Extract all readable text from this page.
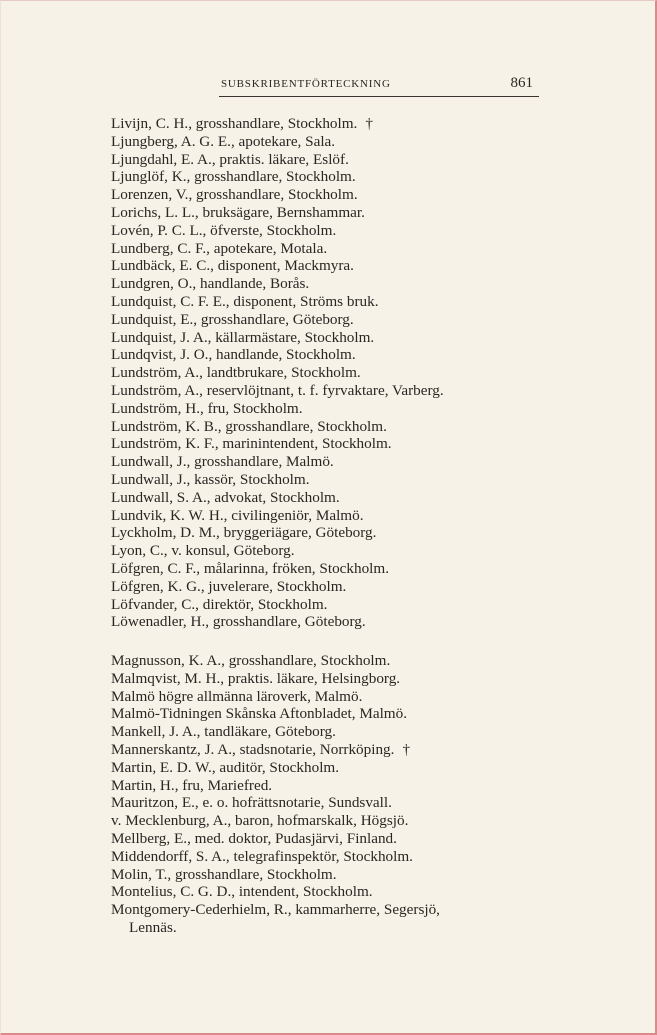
SUBSKRIBENTFÖRTECKNING	861
Livijn, C. H., grosshandlare, Stockholm. †
Ljungberg, A. G. E., apotekare, Sala.
Ljungdahl, E. A., praktis. läkare, Eslöf.
Ljunglöf, K., grosshandlare, Stockholm.
Lorenzen, V., grosshandlare, Stockholm.
Lorichs, L. L., bruksägare, Bernshammar.
Lovén, P. C. L., öfverste, Stockholm.
Lundberg, C. F., apotekare, Motala.
Lundbäck, E. C., disponent, Mackmyra.
Lundgren, O., handlande, Borås.
Lundquist, C. F. E., disponent, Ströms bruk.
Lundquist, E., grosshandlare, Göteborg.
Lundquist, J. A., källarmästare, Stockholm.
Lundqvist, J. O., handlande, Stockholm.
Lundström, A., landtbrukare, Stockholm.
Lundström, A., reservlöjtnant, t. f. fyrvaktare, Varberg.
Lundström, H., fru, Stockholm.
Lundström, K. B., grosshandlare, Stockholm.
Lundström, K. F., marinintendent, Stockholm.
Lundwall, J., grosshandlare, Malmö.
Lundwall, J., kassör, Stockholm.
Lundwall, S. A., advokat, Stockholm.
Lundvik, K. W. H., civilingeniör, Malmö.
Lyckholm, D. M., bryggeriägare, Göteborg.
Lyon, C., v. konsul, Göteborg.
Löfgren, C. F., målarinna, fröken, Stockholm.
Löfgren, K. G., juvelerare, Stockholm.
Löfvander, C., direktör, Stockholm.
Löwenadler, H., grosshandlare, Göteborg.
Magnusson, K. A., grosshandlare, Stockholm.
Malmqvist, M. H., praktis. läkare, Helsingborg.
Malmö högre allmänna läroverk, Malmö.
Malmö-Tidningen Skånska Aftonbladet, Malmö.
Mankell, J. A., tandläkare, Göteborg.
Mannerskantz, J. A., stadsnotarie, Norrköping. †
Martin, E. D. W., auditör, Stockholm.
Martin, H., fru, Mariefred.
Mauritzon, E., e. o. hofrättsnotarie, Sundsvall.
v. Mecklenburg, A., baron, hofmarskalk, Högsjö.
Mellberg, E., med. doktor, Pudasjärvi, Finland.
Middendorff, S. A., telegrafinspektör, Stockholm.
Molin, T., grosshandlare, Stockholm.
Montelius, C. G. D., intendent, Stockholm.
Montgomery-Cederhielm, R., kammarherre, Segersjö,
Lennäs.
